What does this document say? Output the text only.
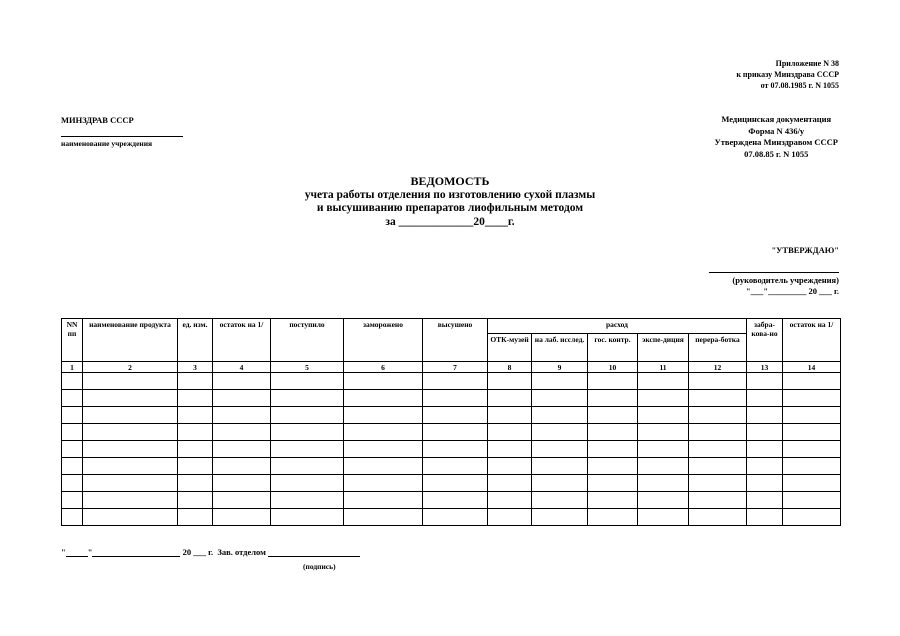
Приложение N 38
к приказу Минздрава СССР
от 07.08.1985 г. N 1055
МИНЗДРАВ СССР
наименование учреждения
Медицинская документация
Форма N 436/у
Утверждена Минздравом СССР
07.08.85 г. N 1055
ВЕДОМОСТЬ
учета работы отделения по изготовлению сухой плазмы
и высушиванию препаратов лиофильным методом
за _____________20____г.
"УТВЕРЖДАЮ"
(руководитель учреждения)
"___"_________ 20 ___ г.
NN пп	наименование продукта	ед. изм.	остаток на 1/	поступило	заморожено	высушено	расход					забра-кова-но	остаток на 1/
							ОТК-музей	на лаб. исслед.	гос. контр.	экспе-диция	перера-ботка		
1	2	3	4	5	6	7	8	9	10	11	12	13	14

"	"	20 ___ г. Зав. отделом
(подпись)
